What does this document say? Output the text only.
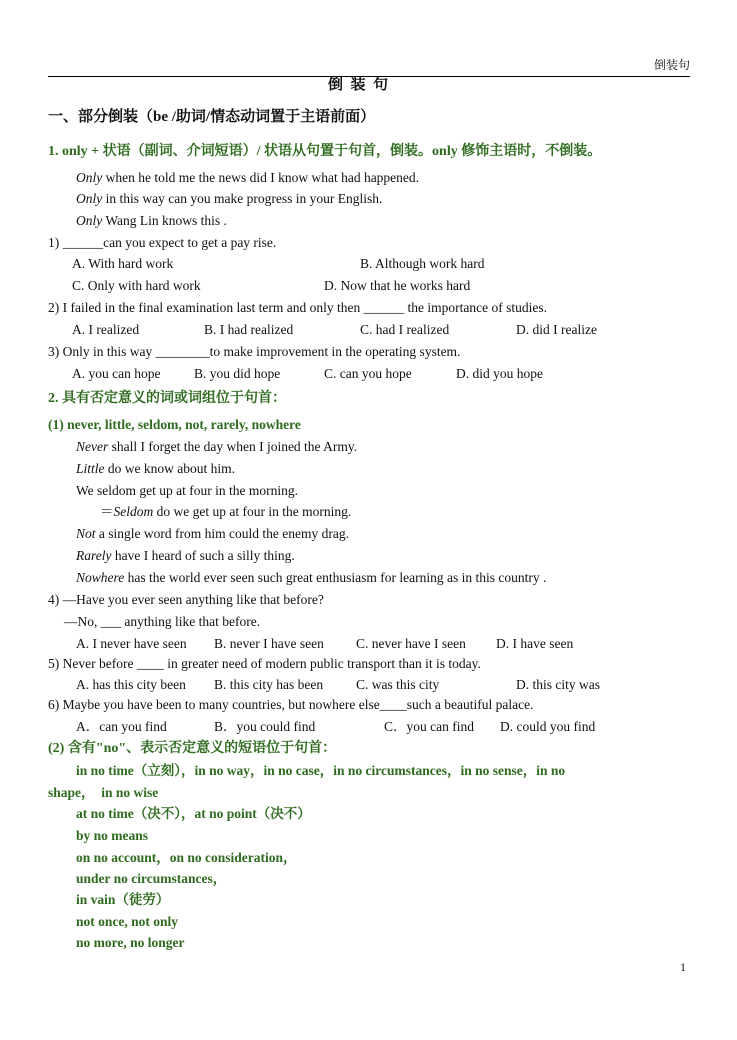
倒装句
倒  装  句
一、部分倒装（be /助词/情态动词置于主语前面）
1. only + 状语（副词、介词短语）/ 状语从句置于句首，倒装。only 修饰主语时，不倒装。
Only when he told me the news did I know what had happened.
Only in this way can you make progress in your English.
Only Wang Lin knows this .
1) ______can you expect to get a pay rise.
A. With hard work	B. Although work hard
C. Only with hard work	D. Now that he works hard
2) I failed in the final examination last term and only then ______ the importance of studies.
A. I realized	B. I had realized	C. had I realized	D. did I realize
3) Only in this way ________to make improvement in the operating system.
A. you can hope B. you did hope	C. can you hope	D. did you hope
2. 具有否定意义的词或词组位于句首：
(1) never, little, seldom, not, rarely, nowhere
Never shall I forget the day when I joined the Army.
Little do we know about him.
We seldom get up at four in the morning.
＝Seldom do we get up at four in the morning.
Not a single word from him could the enemy drag.
Rarely have I heard of such a silly thing.
Nowhere has the world ever seen such great enthusiasm for learning as in this country .
4) —Have you ever seen anything like that before?
—No, ___ anything like that before.
A. I never have seen B. never I have seen C. never have I seen D. I have seen
5) Never before ____ in greater need of modern public transport than it is today.
A. has this city been B. this city has been C. was this city	D. this city was
6) Maybe you have been to many countries, but nowhere else____such a beautiful palace.
A．can you find	B．you could find	C．you can find D. could you find
(2) 含有"no"、表示否定意义的短语位于句首：
in no time（立刻），in no way，in no case，in no circumstances，in no sense，in no
shape，  in no wise
at no time（决不），at no point（决不）
by no means
on no account，on no consideration，
under no circumstances，
in vain（徒劳）
not once, not only
no more, no longer
1
